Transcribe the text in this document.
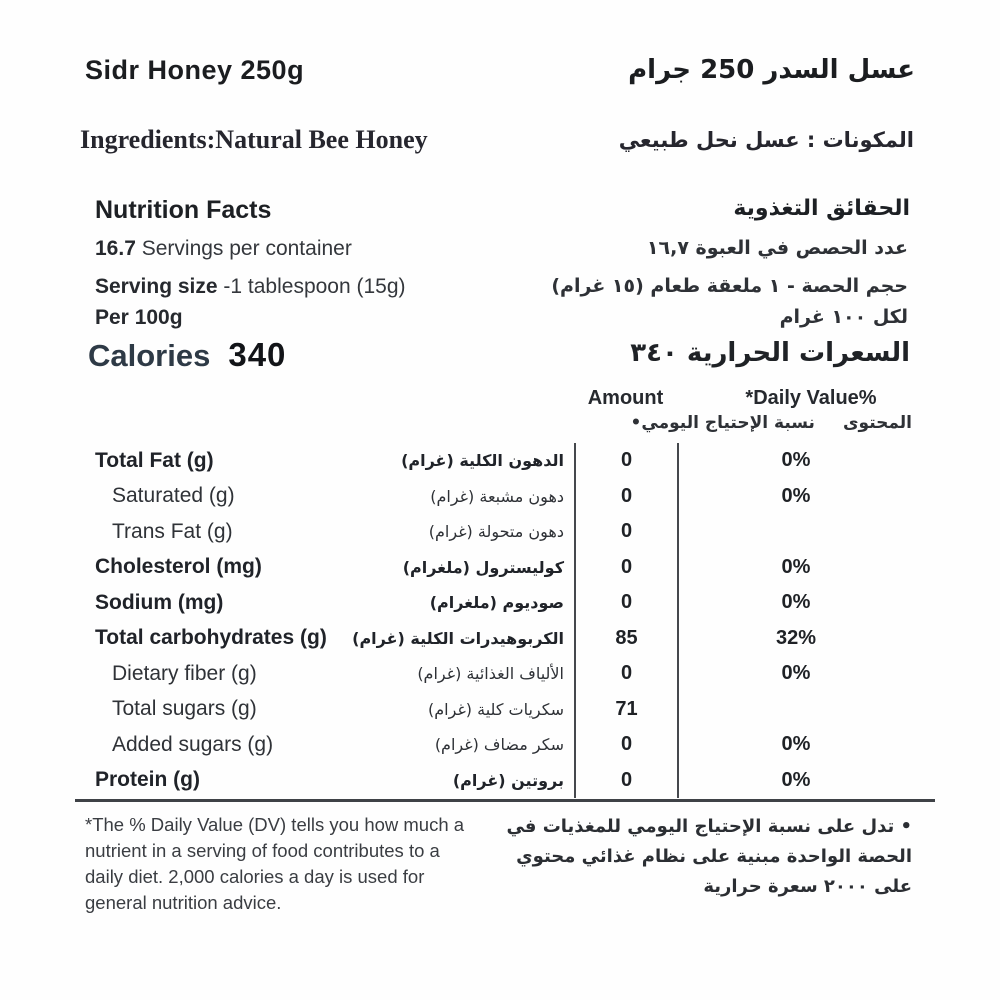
Sidr Honey 250g	عسل السدر 250 جرام
Ingredients:Natural Bee Honey	المكونات : عسل نحل طبيعي
Nutrition Facts	الحقائق التغذوية
16.7 Servings per container	عدد الحصص في العبوة ١٦,٧
Serving size -1 tablespoon (15g)
Per 100g
حجم الحصة - ١ ملعقة طعام (١٥ غرام)
لكل ١٠٠ غرام
Calories 340	السعرات الحرارية ٣٤٠
Amount	*Daily Value%
•نسبة الإحتياج اليومي المحتوى
Total Fat (g)	الدهون الكلية (غرام)	0	0%
Saturated (g)	دهون مشبعة (غرام)	0	0%
Trans Fat (g)	دهون متحولة (غرام)	0
Cholesterol (mg)	كوليسترول (ملغرام)	0	0%
Sodium (mg)	صوديوم (ملغرام)	0	0%
Total carbohydrates (g) الكربوهيدرات الكلية (غرام)	85	32%
Dietary fiber (g)	الألياف الغذائية (غرام)	0	0%
Total sugars (g)	سكريات كلية (غرام)	71
Added sugars (g)	سكر مضاف (غرام)	0	0%
Protein (g)	بروتين (غرام)	0	0%
*The % Daily Value (DV) tells you how much a nutrient in a serving of food contributes to a daily diet. 2,000 calories a day is used for general nutrition advice.
• تدل على نسبة الإحتياج اليومي للمغذيات في الحصة الواحدة مبنية على نظام غذائي محتوي على ٢٠٠٠ سعرة حرارية
